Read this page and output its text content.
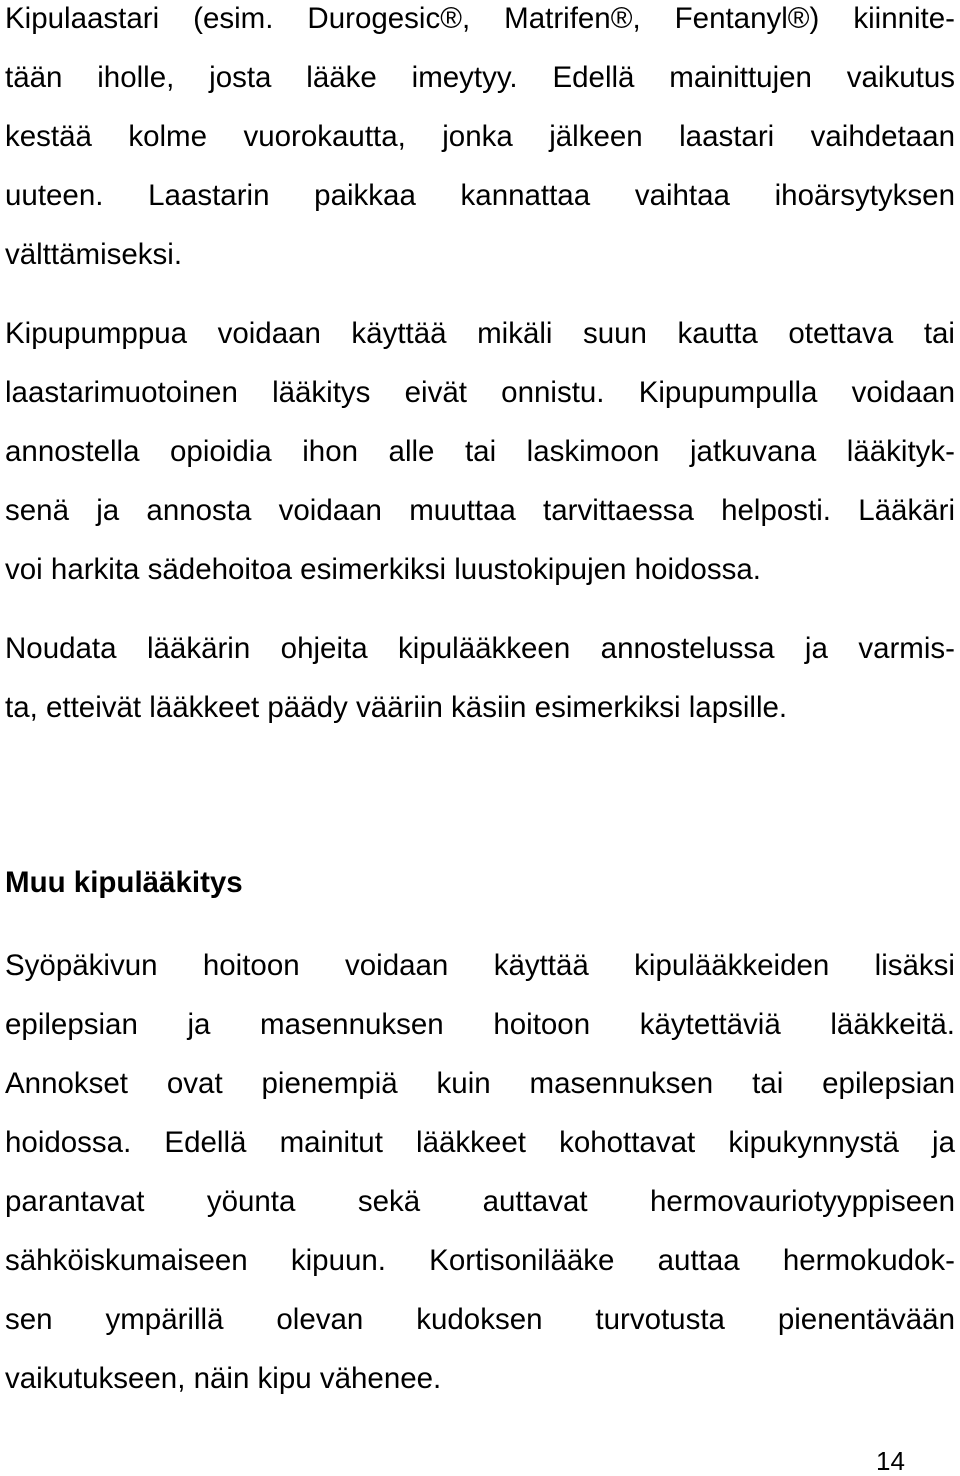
Kipulaastari (esim. Durogesic®, Matrifen®, Fentanyl®) kiinnite-
tään iholle, josta lääke imeytyy. Edellä mainittujen vaikutus
kestää kolme vuorokautta, jonka jälkeen laastari vaihdetaan
uuteen. Laastarin paikkaa kannattaa vaihtaa ihoärsytyksen
välttämiseksi.
Kipupumppua voidaan käyttää mikäli suun kautta otettava tai
laastarimuotoinen lääkitys eivät onnistu. Kipupumpulla voidaan
annostella opioidia ihon alle tai laskimoon jatkuvana lääkityk-
senä ja annosta voidaan muuttaa tarvittaessa helposti. Lääkäri
voi harkita sädehoitoa esimerkiksi luustokipujen hoidossa.
Noudata lääkärin ohjeita kipulääkkeen annostelussa ja varmis-
ta, etteivät lääkkeet päädy vääriin käsiin esimerkiksi lapsille.
Muu kipulääkitys
Syöpäkivun hoitoon voidaan käyttää kipulääkkeiden lisäksi
epilepsian ja masennuksen hoitoon käytettäviä lääkkeitä.
Annokset ovat pienempiä kuin masennuksen tai epilepsian
hoidossa. Edellä mainitut lääkkeet kohottavat kipukynnystä ja
parantavat yöunta sekä auttavat hermovauriotyyppiseen
sähköiskumaiseen kipuun. Kortisonilääke auttaa hermokudok-
sen ympärillä olevan kudoksen turvotusta pienentävään
vaikutukseen, näin kipu vähenee.
14
